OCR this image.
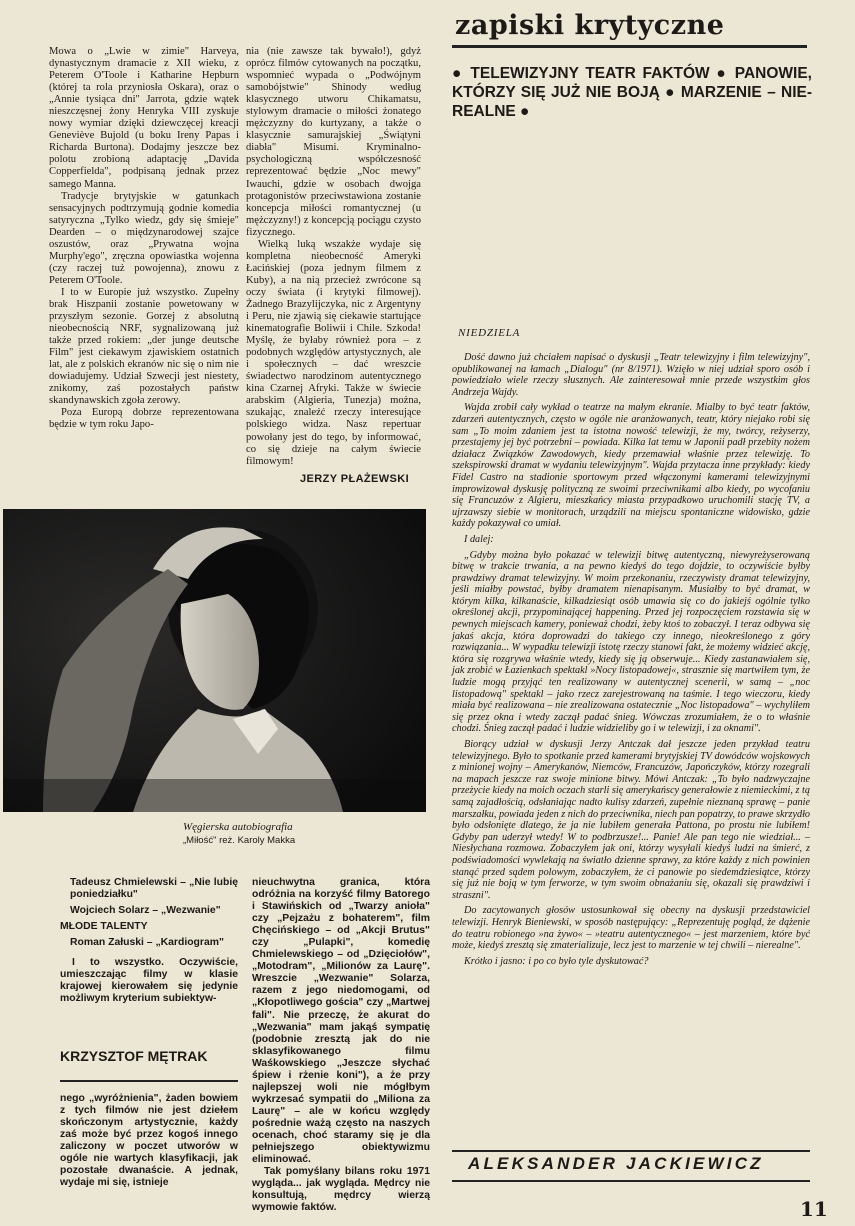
zapiski krytyczne
● TELEWIZYJNY TEATR FAKTÓW ● PANOWIE, KTÓRZY SIĘ JUŻ NIE BOJĄ ● MARZENIE – NIE-REALNE ●

Mowa o „Lwie w zimie" Harveya, dynastycznym dramacie z XII wieku, z Peterem O'Toole i Katharine Hepburn (której ta rola przyniosła Oskara), oraz o „Annie tysiąca dni" Jarrota, gdzie wątek nieszczęsnej żony Henryka VIII zyskuje nowy wymiar dzięki dziewczęcej kreacji Geneviève Bujold (u boku Ireny Papas i Richarda Burtona). Dodajmy jeszcze bez polotu zrobioną adaptację „Davida Copperfielda", podpisaną jednak przez samego Manna.

Tradycje brytyjskie w gatunkach sensacyjnych podtrzymują godnie komedia satyryczna „Tylko wiedz, gdy się śmieje" Dearden – o międzynarodowej szajce oszustów, oraz „Prywatna wojna Murphy'ego", zręczna opowiastka wojenna (czy raczej tuż powojenna), znowu z Peterem O'Toole.

I to w Europie już wszystko. Zupełny brak Hiszpanii zostanie powetowany w przyszłym sezonie. Gorzej z absolutną nieobecnością NRF, sygnalizowaną już także przed rokiem: „der junge deutsche Film" jest ciekawym zjawiskiem ostatnich lat, ale z polskich ekranów nic się o nim nie dowiadujemy. Udział Szwecji jest niestety, znikomy, zaś pozostałych państw skandynawskich zgoła zerowy.

Poza Europą dobrze reprezentowana będzie w tym roku Japo-

nia (nie zawsze tak bywało!), gdyż oprócz filmów cytowanych na początku, wspomnieć wypada o „Podwójnym samobójstwie" Shinody według klasycznego utworu Chikamatsu, stylowym dramacie o miłości żonatego mężczyzny do kurtyzany, a także o klasycznie samurajskiej „Świątyni diabła" Misumi. Kryminalno-psychologiczną współczesność reprezentować będzie „Noc mewy" Iwauchi, gdzie w osobach dwojga protagonistów przeciwstawiona zostanie koncepcja miłości romantycznej (u mężczyzny!) z koncepcją pociągu czysto fizycznego.

Wielką luką wszakże wydaje się kompletna nieobecność Ameryki Łacińskiej (poza jednym filmem z Kuby), a na nią przecież zwrócone są oczy świata (i krytyki filmowej). Żadnego Brazylijczyka, nic z Argentyny i Peru, nie zjawią się ciekawie startujące kinematografie Boliwii i Chile. Szkoda! Myślę, że byłaby również pora – z podobnych względów artystycznych, ale i społecznych – dać wreszcie świadectwo narodzinom autentycznego kina Czarnej Afryki. Także w świecie arabskim (Algieria, Tunezja) można, szukając, znaleźć rzeczy interesujące polskiego widza. Nasz repertuar powołany jest do tego, by informować, co się dzieje na całym świecie filmowym!

JERZY PŁAŻEWSKI
Węgierska autobiografia
„Miłość" reż. Karoly Makka

Tadeusz Chmielewski – „Nie lubię poniedziałku"

Wojciech Solarz – „Wezwanie"

MŁODE TALENTY

Roman Załuski – „Kardiogram"

I to wszystko. Oczywiście, umieszczając filmy w klasie krajowej kierowałem się jedynie możliwym kryterium subiektyw-

KRZYSZTOF MĘTRAK

nego „wyróżnienia", żaden bowiem z tych filmów nie jest dziełem skończonym artystycznie, każdy zaś może być przez kogoś innego zaliczony w poczet utworów w ogóle nie wartych klasyfikacji, jak pozostałe dwanaście. A jednak, wydaje mi się, istnieje

nieuchwytna granica, która odróżnia na korzyść filmy Batorego i Stawińskich od „Twarzy anioła" czy „Pejzażu z bohaterem", film Chęcińskiego – od „Akcji Brutus" czy „Pulapki", komedię Chmielewskiego – od „Dzięciołów", „Motodram", „Milionów za Laurę". Wreszcie „Wezwanie" Solarza, razem z jego niedomogami, od „Kłopotliwego gościa" czy „Martwej fali". Nie przeczę, że akurat do „Wezwania" mam jakąś sympatię (podobnie zresztą jak do nie sklasyfikowanego filmu Waśkowskiego „Jeszcze słychać śpiew i rżenie koni"), a że przy najlepszej woli nie mógłbym wykrzesać sympatii do „Miliona za Laurę" – ale w końcu względy pośrednie ważą często na naszych ocenach, choć staramy się je dla pełniejszego obiektywizmu eliminować.

Tak pomyślany bilans roku 1971 wygląda... jak wygląda. Mędrcy nie konsultują, mędrcy wierzą wymowie faktów.

NIEDZIELA

Dość dawno już chciałem napisać o dyskusji „Teatr telewizyjny i film telewizyjny", opublikowanej na łamach „Dialogu" (nr 8/1971). Wzięło w niej udział sporo osób i powiedziało wiele rzeczy słusznych. Ale zainteresował mnie przede wszystkim głos Andrzeja Wajdy.

Wajda zrobił cały wykład o teatrze na małym ekranie. Mialby to być teatr faktów, zdarzeń autentycznych, często w ogóle nie aranżowanych, teatr, który niejako robi się sam „To moim zdaniem jest ta istotna nowość telewizji, że my, twórcy, reżyserzy, przestajemy jej być potrzebni – powiada. Kilka lat temu w Japonii padł przebity nożem działacz Związków Zawodowych, kiedy przemawiał właśnie przez telewizję. To szekspirowski dramat w wydaniu telewizyjnym". Wajda przytacza inne przykłady: kiedy Fidel Castro na stadionie sportowym przed włączonymi kamerami telewizyjnymi improwizował dyskusję polityczną ze swoimi przeciwnikami albo kiedy, po wycofaniu się Francuzów z Algieru, mieszkańcy miasta przypadkowo uruchomili stację TV, a ujrzawszy siebie w monitorach, urządzili na miejscu spontaniczne widowisko, gdzie każdy pokazywał co umiał.

I dalej:

„Gdyby można było pokazać w telewizji bitwę autentyczną, niewyreżyserowaną bitwę w trakcie trwania, a na pewno kiedyś do tego dojdzie, to oczywiście byłby prawdziwy dramat telewizyjny. W moim przekonaniu, rzeczywisty dramat telewizyjny, jeśli miałby powstać, byłby dramatem nienapisanym. Musiałby to być dramat, w którym kilka, kilkanaście, kilkadziesiąt osób umawia się co do jakiejś ogólnie tylko określonej akcji, przypominającej happening. Przed jej rozpoczęciem rozstawia się w pewnych miejscach kamery, ponieważ chodzi, żeby ktoś to zobaczył. I teraz odbywa się jakaś akcja, która doprowadzi do takiego czy innego, nieokreślonego z góry rozwiązania... W wypadku telewizji istotę rzeczy stanowi fakt, że możemy widzieć akcję, która się rozgrywa właśnie wtedy, kiedy się ją obserwuje... Kiedy zastanawiałem się, jak zrobić w Łazienkach spektakl »Nocy listopadowej«, strasznie się martwiłem tym, że ludzie mogą przyjąć ten realizowany w autentycznej scenerii, w samą – „noc listopadową" spektakl – jako rzecz zarejestrowaną na taśmie. I tego wieczoru, kiedy miała być realizowana – nie zrealizowana ostatecznie „Noc listopadowa" – wychyliłem się przez okna i wtedy zaczął padać śnieg. Wówczas zrozumiałem, że o to właśnie chodzi. Śnieg zaczął padać i ludzie widzieliby go i w telewizji, i za oknami".

Biorący udział w dyskusji Jerzy Antczak dał jeszcze jeden przykład teatru telewizyjnego. Było to spotkanie przed kamerami brytyjskiej TV dowódców wojskowych z minionej wojny – Amerykanów, Niemców, Francuzów, Japończyków, którzy rozegrali na mapach jeszcze raz swoje minione bitwy. Mówi Antczak: „To było nadzwyczajne przeżycie kiedy na moich oczach starli się amerykańscy generałowie z niemieckimi, z tą samą zajadłością, odsłaniając nadto kulisy zdarzeń, zupełnie nieznaną sprawę – panie marszałku, powiada jeden z nich do przeciwnika, niech pan popatrzy, to prawe skrzydło było odsłonięte dlatego, że ja nie lubiłem generała Pattona, po prostu nie lubiłem! Gdyby pan uderzył wtedy! W to podbrzusze!... Panie! Ale pan tego nie wiedział... – Niesłychana rozmowa. Zobaczyłem jak oni, którzy wysyłali kiedyś ludzi na śmierć, z podświadomości wywlekają na światło dzienne sprawy, za które każdy z nich powinien stanąć przed sądem polowym, zobaczyłem, że ci panowie po siedemdziesiątce, którzy się już nie boją w tym ferworze, w tym swoim obnażaniu się, okazali się prawdziwi i straszni".

Do zacytowanych głosów ustosunkował się obecny na dyskusji przedstawiciel telewizji. Henryk Bieniewski, w sposób następujący: „Reprezentuję pogląd, że dążenie do teatru robionego »na żywo« – »teatru autentycznego« – jest marzeniem, które być może, kiedyś zresztą się zmaterializuje, lecz jest to marzenie w tej chwili – nierealne".

Krótko i jasno: i po co było tyle dyskutować?

ALEKSANDER JACKIEWICZ
11
